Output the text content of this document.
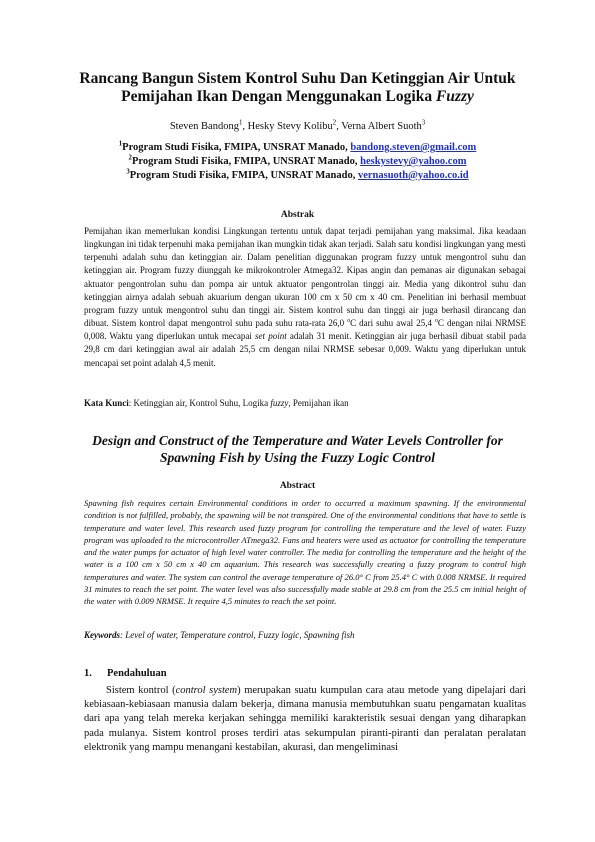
Rancang Bangun Sistem Kontrol Suhu Dan Ketinggian Air Untuk
Pemijahan Ikan Dengan Menggunakan Logika Fuzzy
Steven Bandong$^1$, Hesky Stevy Kolibu$^2$, Verna Albert Suoth$^3$
$^1$Program Studi Fisika, FMIPA, UNSRAT Manado, bandong.steven@gmail.com
$^2$Program Studi Fisika, FMIPA, UNSRAT Manado, heskystevy@yahoo.com
$^3$Program Studi Fisika, FMIPA, UNSRAT Manado, vernasuoth@yahoo.co.id
Abstrak
Pemijahan ikan memerlukan kondisi Lingkungan tertentu untuk dapat terjadi pemijahan yang maksimal. Jika keadaan lingkungan ini tidak terpenuhi maka pemijahan ikan mungkin tidak akan terjadi. Salah satu kondisi lingkungan yang mesti terpenuhi adalah suhu dan ketinggian air. Dalam penelitian diggunakan program fuzzy untuk mengontrol suhu dan ketinggian air. Program fuzzy diunggah ke mikrokontroler Atmega32. Kipas angin dan pemanas air digunakan sebagai aktuator pengontrolan suhu dan pompa air untuk aktuator pengontrolan tinggi air. Media yang dikontrol suhu dan ketinggian airnya adalah sebuah akuarium dengan ukuran 100 cm x 50 cm x 40 cm. Penelitian ini berhasil membuat program fuzzy untuk mengontrol suhu dan tinggi air. Sistem kontrol suhu dan tinggi air juga berhasil dirancang dan dibuat. Sistem kontrol dapat mengontrol suhu pada suhu rata-rata 26,0 $^o$C dari suhu awal 25,4 $^o$C dengan nilai NRMSE 0,008. Waktu yang diperlukan untuk mecapai set point adalah 31 menit. Ketinggian air juga berhasil dibuat stabil pada 29,8 cm dari ketinggian awal air adalah 25,5 cm dengan nilai NRMSE sebesar 0,009. Waktu yang diperlukan untuk mencapai set point adalah 4,5 menit.
Kata Kunci: Ketinggian air, Kontrol Suhu, Logika fuzzy, Pemijahan ikan
Design and Construct of the Temperature and Water Levels Controller for
Spawning Fish by Using the Fuzzy Logic Control
Abstract
Spawning fish requires certain Environmental conditions in order to occurred a maximum spawning. If the environmental condition is not fulfilled, probably, the spawning will be not transpired. One of the environmental conditions that have to settle is temperature and water level. This research used fuzzy program for controlling the temperature and the level of water. Fuzzy program was uploaded to the microcontroller ATmega32. Fans and heaters were used as actuator for controlling the temperature and the water pumps for actuator of high level water controller. The media for controlling the temperature and the height of the water is a 100 cm x 50 cm x 40 cm aquarium. This research was successfully creating a fuzzy program to control high temperatures and water. The system can control the average temperature of 26.0° C from 25.4° C with 0.008 NRMSE. It required 31 minutes to reach the set point. The water level was also successfully made stable at 29.8 cm from the 25.5 cm initial height of the water with 0.009 NRMSE. It require 4,5 minutes to reach the set point.
Keywords: Level of water, Temperature control, Fuzzy logic, Spawning fish
1. Pendahuluan
Sistem kontrol (control system) merupakan suatu kumpulan cara atau metode yang dipelajari dari kebiasaan-kebiasaan manusia dalam bekerja, dimana manusia membutuhkan suatu pengamatan kualitas dari apa yang telah mereka kerjakan sehingga memiliki karakteristik sesuai dengan yang diharapkan pada mulanya. Sistem kontrol proses terdiri atas sekumpulan piranti-piranti dan peralatan peralatan elektronik yang mampu menangani kestabilan, akurasi, dan mengeliminasi
